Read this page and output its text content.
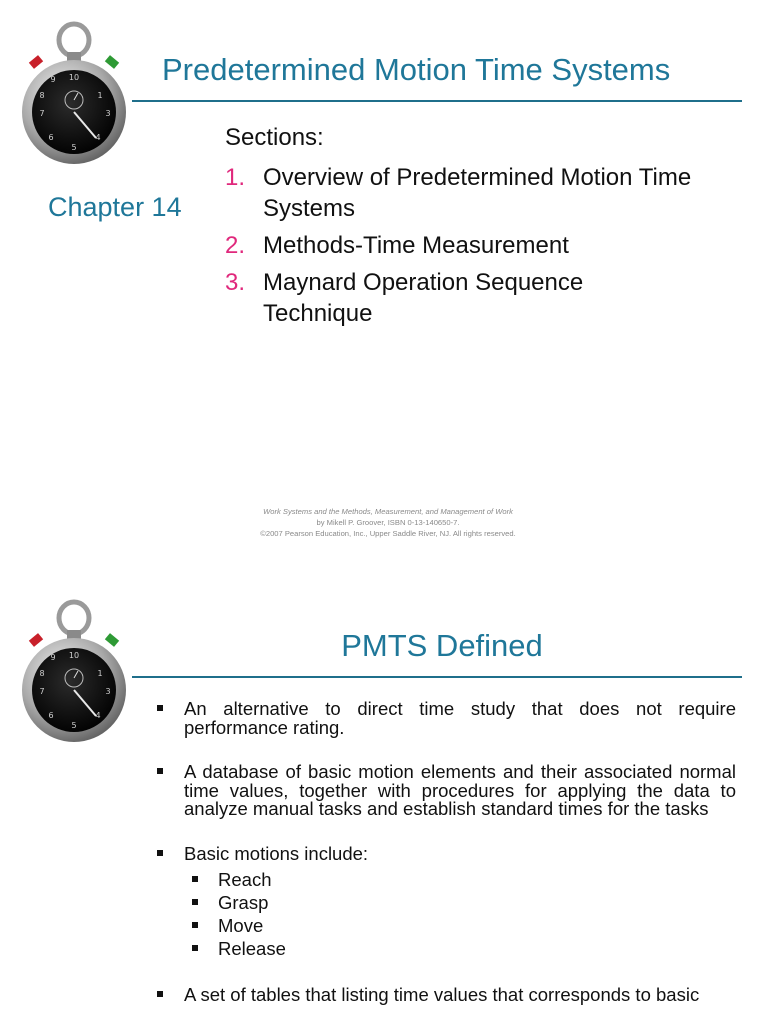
Predetermined Motion Time Systems
Chapter 14
Sections:
1. Overview of Predetermined Motion Time Systems
2. Methods-Time Measurement
3. Maynard Operation Sequence Technique
Work Systems and the Methods, Measurement, and Management of Work
by Mikell P. Groover, ISBN 0-13-140650-7.
©2007 Pearson Education, Inc., Upper Saddle River, NJ. All rights reserved.
PMTS Defined
An alternative to direct time study that does not require performance rating.
A database of basic motion elements and their associated normal time values, together with procedures for applying the data to analyze manual tasks and establish standard times for the tasks
Basic motions include:
Reach
Grasp
Move
Release
A set of tables that listing time values that corresponds to basic
